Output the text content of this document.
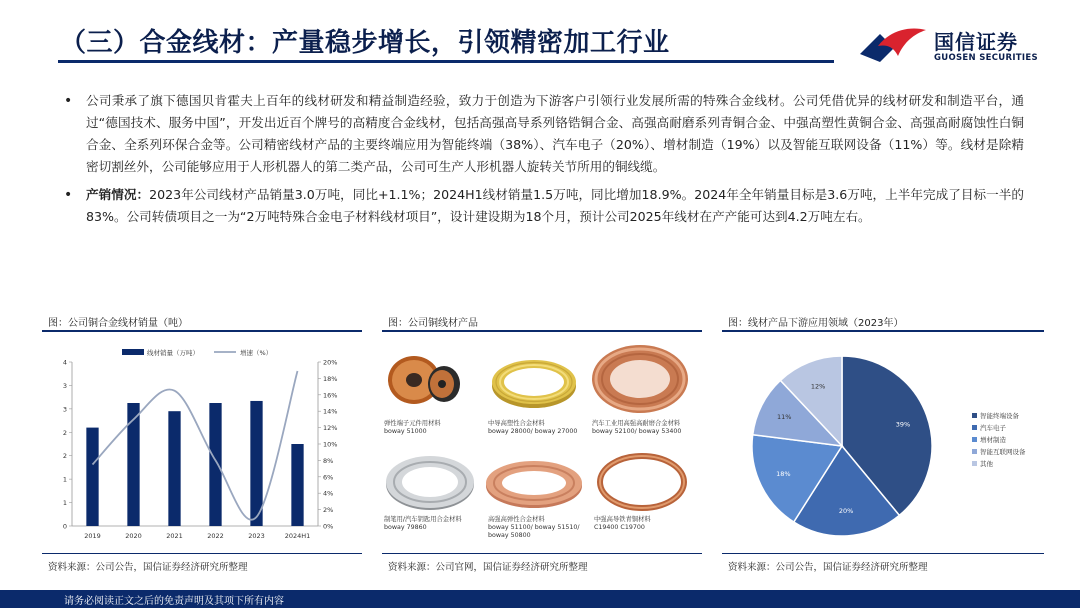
（三）合金线材：产量稳步增长，引领精密加工行业	国信证券
GUOSEN SECURITIES
• 公司秉承了旗下德国贝肯霍夫上百年的线材研发和精益制造经验，致力于创造为下游客户引领行业发展所需的特殊合金线材。公司凭借优异的线材研发和制造平台，通过“德国技术、服务中国”，开发出近百个牌号的高精度合金线材，包括高强高导系列铬锆铜合金、高强高耐磨系列青铜合金、中强高塑性黄铜合金、高强高耐腐蚀性白铜合金、全系列环保合金等。公司精密线材产品的主要终端应用为智能终端（38%）、汽车电子（20%）、增材制造（19%）以及智能互联网设备（11%）等。线材是除精密切割丝外，公司能够应用于人形机器人的第二类产品，公司可生产人形机器人旋转关节所用的铜线缆。
• 产销情况：2023年公司线材产品销量3.0万吨，同比+1.1%；2024H1线材销量1.5万吨，同比增加18.9%。2024年全年销量目标是3.6万吨，上半年完成了目标一半的83%。公司转债项目之一为“2万吨特殊合金电子材料线材项目”，设计建设期为18个月，预计公司2025年线材在产产能可达到4.2万吨左右。
图：公司铜合金线材销量（吨）
0
1
1
2
2
3
3
4
0%
2%
4%
6%
8%
10%
12%
14%
16%
18%
20%
2019	2020	2021	2022	2023	2024H1
线材销量（万吨）	增速（%）
资料来源：公司公告，国信证券经济研究所整理
图：公司铜线材产品
弹性端子元件用材料
boway 51000
中导高塑性合金材料
boway 28000/ boway 27000
汽车工业用高强高耐磨合金材料
boway 52100/ boway 53400
制笔用/汽车钥匙用合金材料
boway 79860
高强高弹性合金材料
boway 51100/ boway 51510/
boway 50800
中强高导铁青铜材料
C19400 C19700
资料来源：公司官网，国信证券经济研究所整理
图：线材产品下游应用领域（2023年）
39%
20%
18%
11%
12%
智能终端设备
汽车电子
增材制造
智能互联网设备
其他
资料来源：公司公告，国信证券经济研究所整理
请务必阅读正文之后的免责声明及其项下所有内容
